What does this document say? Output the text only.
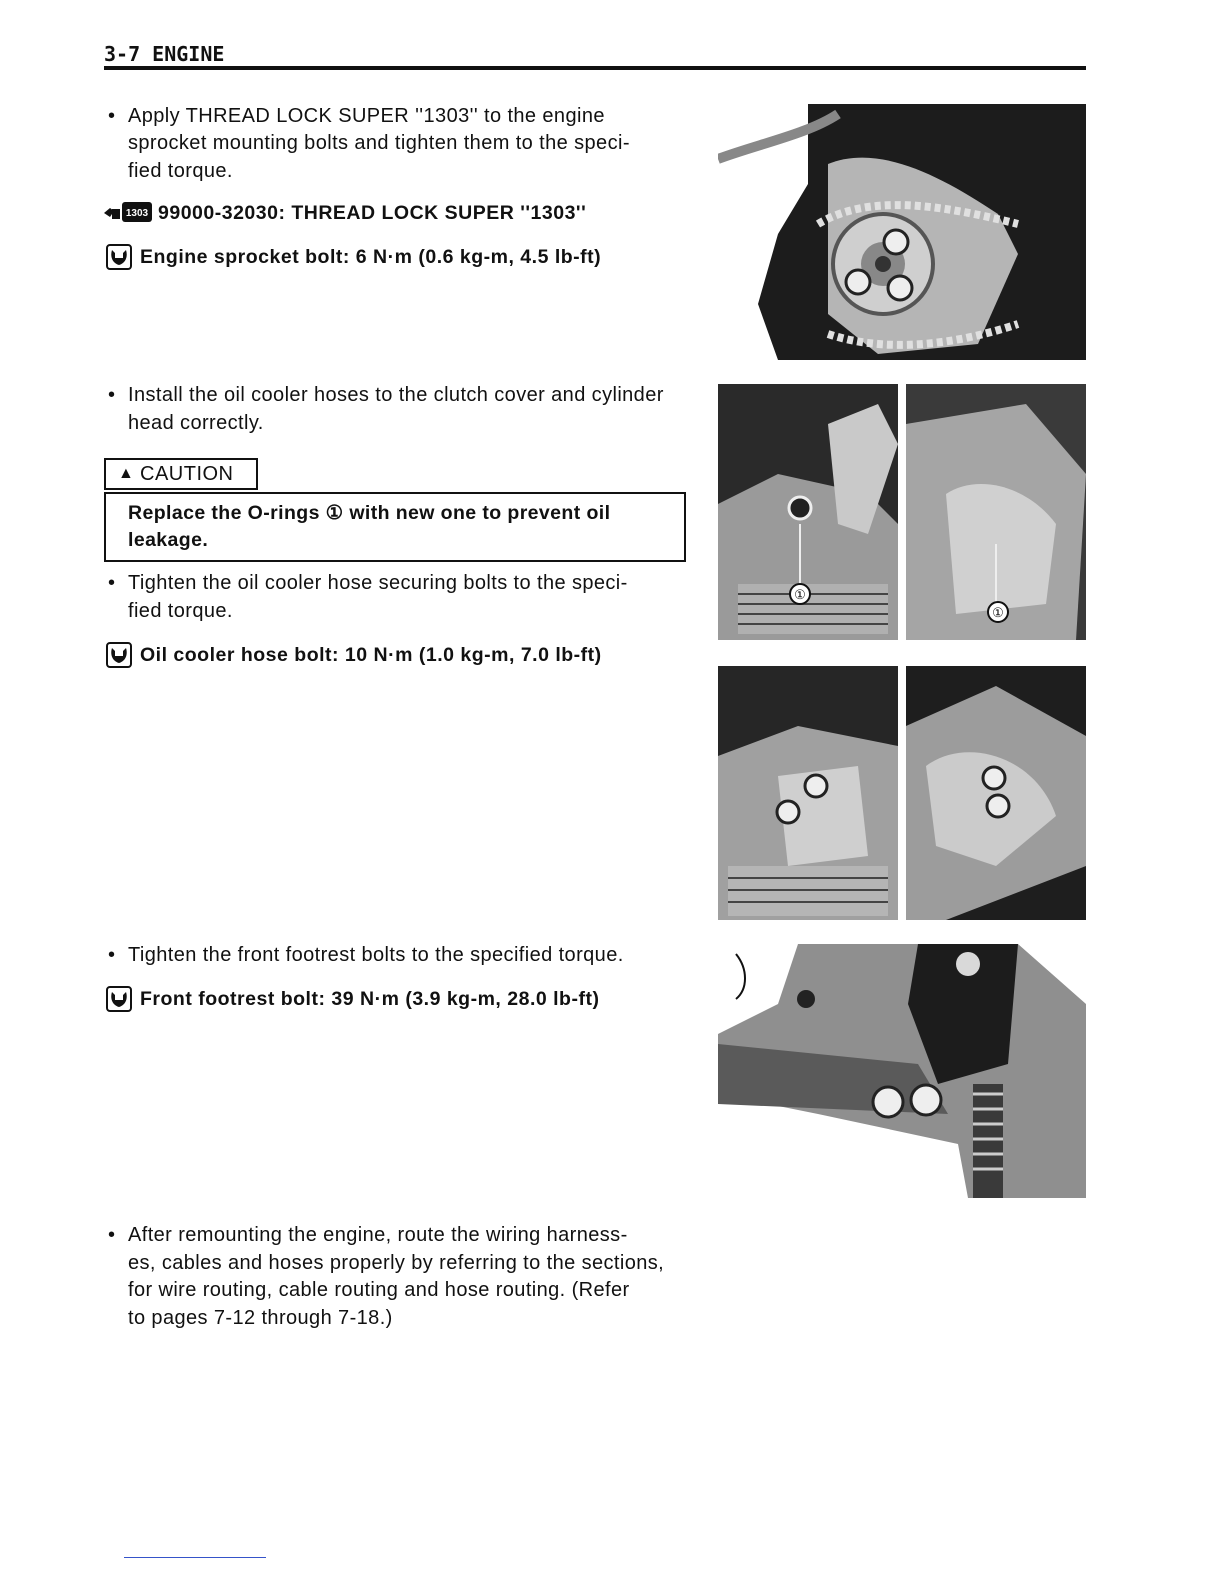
3-7 ENGINE
• Apply THREAD LOCK SUPER ''1303'' to the engine
sprocket mounting bolts and tighten them to the speci-
fied torque.
1303 99000-32030: THREAD LOCK SUPER ''1303''
Engine sprocket bolt: 6 N·m (0.6 kg-m, 4.5 lb-ft)
• Install the oil cooler hoses to the clutch cover and cylinder
head correctly.
▲ CAUTION
Replace the O-rings ① with new one to prevent oil
leakage.
• Tighten the oil cooler hose securing bolts to the speci-
fied torque.
Oil cooler hose bolt: 10 N·m (1.0 kg-m, 7.0 lb-ft)
• Tighten the front footrest bolts to the specified torque.
Front footrest bolt: 39 N·m (3.9 kg-m, 28.0 lb-ft)
• After remounting the engine, route the wiring harness-
es, cables and hoses properly by referring to the sections,
for wire routing, cable routing and hose routing. (Refer
to pages 7-12 through 7-18.)
①
①
